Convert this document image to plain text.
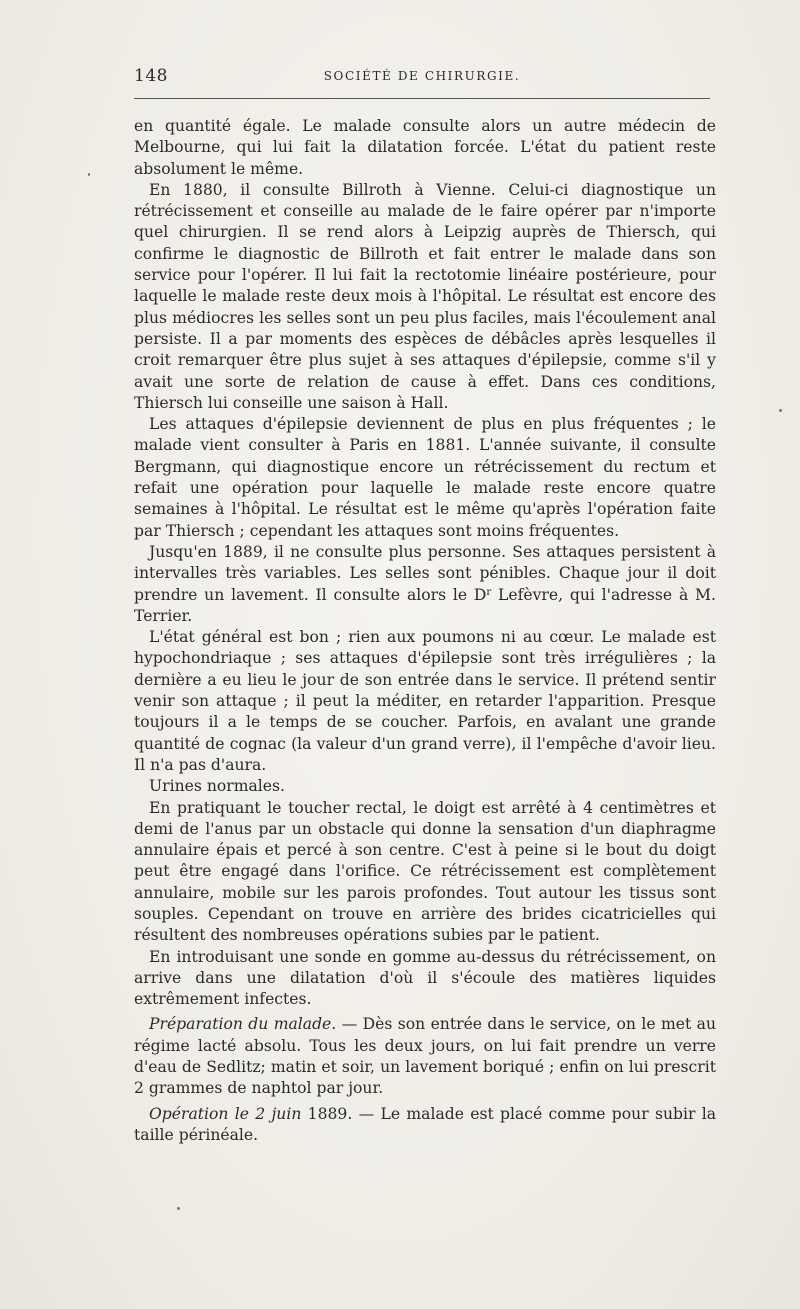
148	SOCIÉTÉ DE CHIRURGIE.

en quantité égale. Le malade consulte alors un autre médecin de Melbourne, qui lui fait la dilatation forcée. L'état du patient reste absolument le même.

En 1880, il consulte Billroth à Vienne. Celui-ci diagnostique un rétrécissement et conseille au malade de le faire opérer par n'importe quel chirurgien. Il se rend alors à Leipzig auprès de Thiersch, qui confirme le diagnostic de Billroth et fait entrer le malade dans son service pour l'opérer. Il lui fait la rectotomie linéaire postérieure, pour laquelle le malade reste deux mois à l'hôpital. Le résultat est encore des plus médiocres les selles sont un peu plus faciles, mais l'écoulement anal persiste. Il a par moments des espèces de débâcles après lesquelles il croit remarquer être plus sujet à ses attaques d'épilepsie, comme s'il y avait une sorte de relation de cause à effet. Dans ces conditions, Thiersch lui conseille une saison à Hall.

Les attaques d'épilepsie deviennent de plus en plus fréquentes ; le malade vient consulter à Paris en 1881. L'année suivante, il consulte Bergmann, qui diagnostique encore un rétrécissement du rectum et refait une opération pour laquelle le malade reste encore quatre semaines à l'hôpital. Le résultat est le même qu'après l'opération faite par Thiersch ; cependant les attaques sont moins fréquentes.

Jusqu'en 1889, il ne consulte plus personne. Ses attaques persistent à intervalles très variables. Les selles sont pénibles. Chaque jour il doit prendre un lavement. Il consulte alors le $D^r$ Lefèvre, qui l'adresse à M. Terrier.

L'état général est bon ; rien aux poumons ni au cœur. Le malade est hypochondriaque ; ses attaques d'épilepsie sont très irrégulières ; la dernière a eu lieu le jour de son entrée dans le service. Il prétend sentir venir son attaque ; il peut la méditer, en retarder l'apparition. Presque toujours il a le temps de se coucher. Parfois, en avalant une grande quantité de cognac (la valeur d'un grand verre), il l'empêche d'avoir lieu. Il n'a pas d'aura.

Urines normales.

En pratiquant le toucher rectal, le doigt est arrêté à 4 centimètres et demi de l'anus par un obstacle qui donne la sensation d'un diaphragme annulaire épais et percé à son centre. C'est à peine si le bout du doigt peut être engagé dans l'orifice. Ce rétrécissement est complètement annulaire, mobile sur les parois profondes. Tout autour les tissus sont souples. Cependant on trouve en arrière des brides cicatricielles qui résultent des nombreuses opérations subies par le patient.

En introduisant une sonde en gomme au-dessus du rétrécissement, on arrive dans une dilatation d'où il s'écoule des matières liquides extrêmement infectes.

Préparation du malade. — Dès son entrée dans le service, on le met au régime lacté absolu. Tous les deux jours, on lui fait prendre un verre d'eau de Sedlitz; matin et soir, un lavement boriqué ; enfin on lui prescrit 2 grammes de naphtol par jour.

Opération le 2 juin 1889. — Le malade est placé comme pour subir la taille périnéale.
